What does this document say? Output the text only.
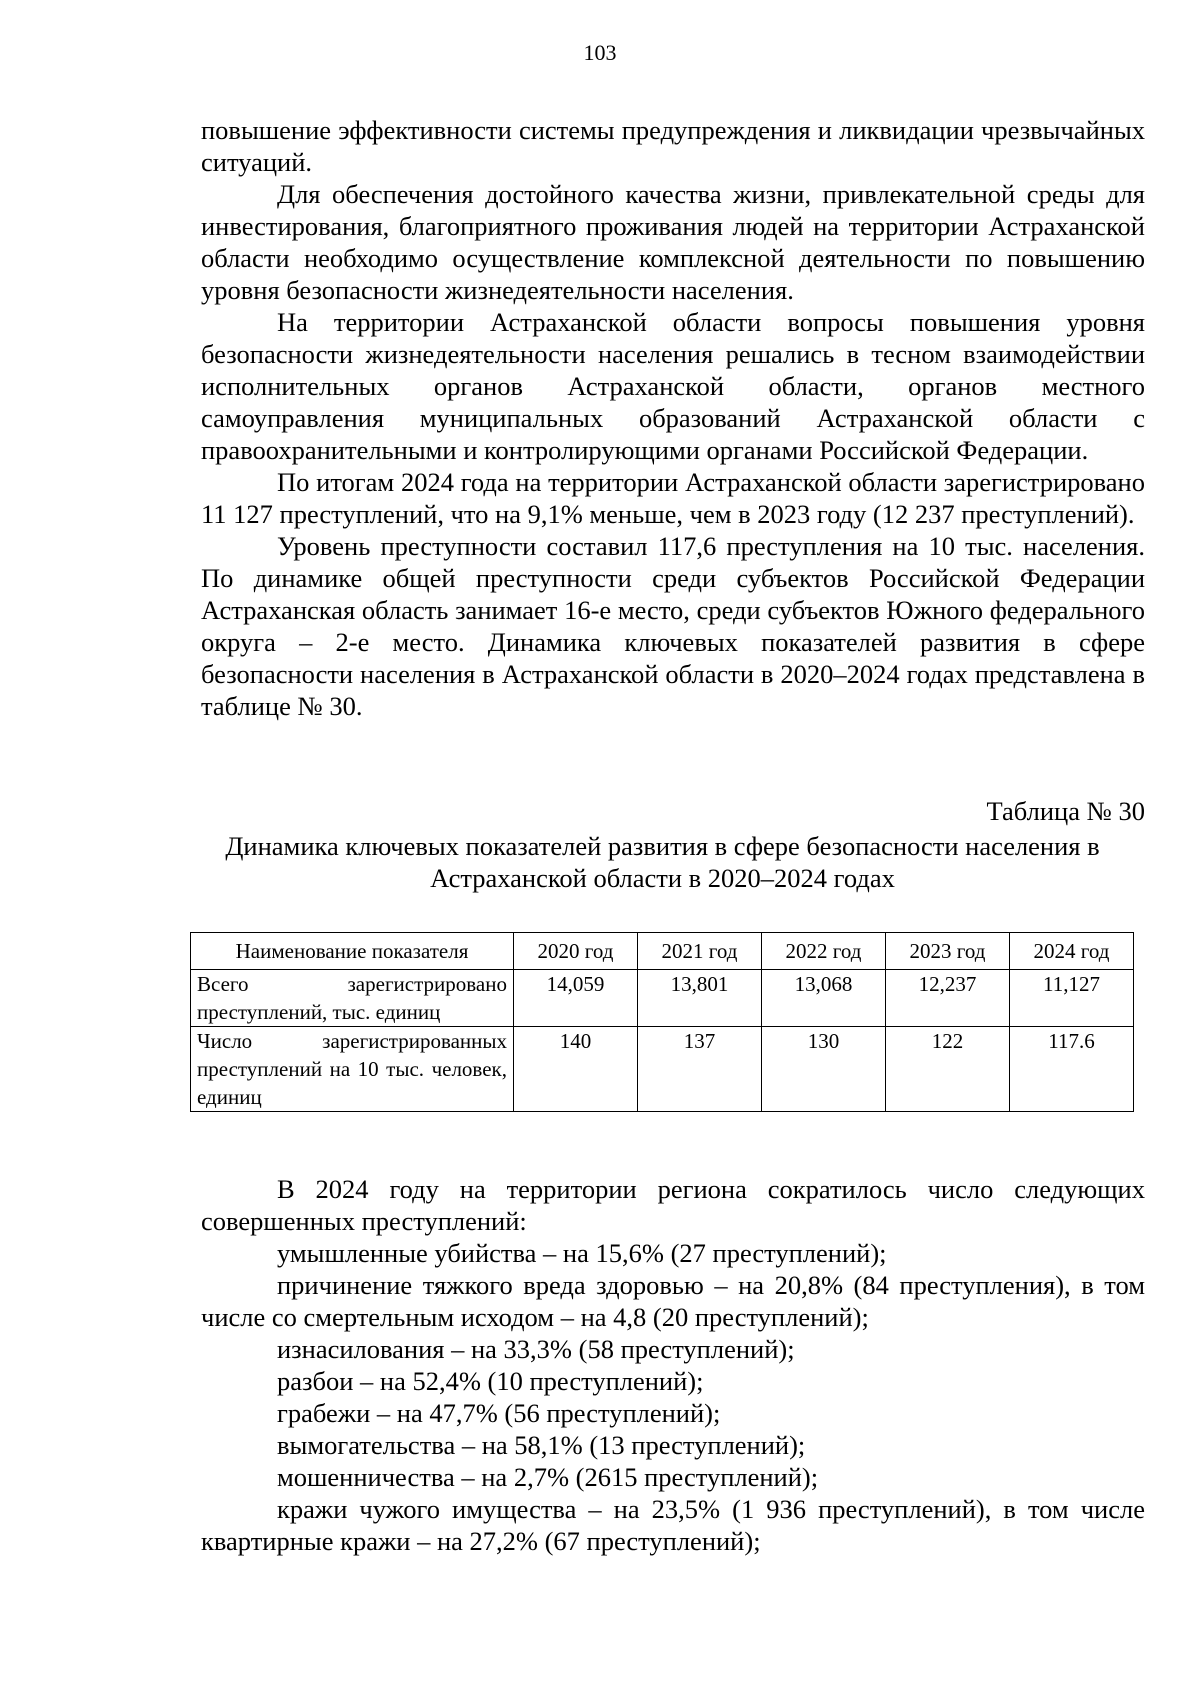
103

повышение эффективности системы предупреждения и ликвидации чрезвычайных ситуаций.

Для обеспечения достойного качества жизни, привлекательной среды для инвестирования, благоприятного проживания людей на территории Астраханской области необходимо осуществление комплексной деятельности по повышению уровня безопасности жизнедеятельности населения.

На территории Астраханской области вопросы повышения уровня безопасности жизнедеятельности населения решались в тесном взаимодействии исполнительных органов Астраханской области, органов местного самоуправления муниципальных образований Астраханской области с правоохранительными и контролирующими органами Российской Федерации.

По итогам 2024 года на территории Астраханской области зарегистрировано 11 127 преступлений, что на 9,1% меньше, чем в 2023 году (12 237 преступлений).

Уровень преступности составил 117,6 преступления на 10 тыс. населения. По динамике общей преступности среди субъектов Российской Федерации Астраханская область занимает 16-е место, среди субъектов Южного федерального округа – 2-е место. Динамика ключевых показателей развития в сфере безопасности населения в Астраханской области в 2020–2024 годах представлена в таблице № 30.

Таблица № 30
Динамика ключевых показателей развития в сфере безопасности населения в Астраханской области в 2020–2024 годах
Наименование показателя	2020 год	2021 год	2022 год	2023 год	2024 год
Всего зарегистрировано преступлений, тыс. единиц	14,059	13,801	13,068	12,237	11,127
Число зарегистрированных преступлений на 10 тыс. человек, единиц	140	137	130	122	117.6

В 2024 году на территории региона сократилось число следующих совершенных преступлений:

умышленные убийства – на 15,6% (27 преступлений);

причинение тяжкого вреда здоровью – на 20,8% (84 преступления), в том числе со смертельным исходом – на 4,8 (20 преступлений);

изнасилования – на 33,3% (58 преступлений);

разбои – на 52,4% (10 преступлений);

грабежи – на 47,7% (56 преступлений);

вымогательства – на 58,1% (13 преступлений);

мошенничества – на 2,7% (2615 преступлений);

кражи чужого имущества – на 23,5% (1 936 преступлений), в том числе квартирные кражи – на 27,2% (67 преступлений);
